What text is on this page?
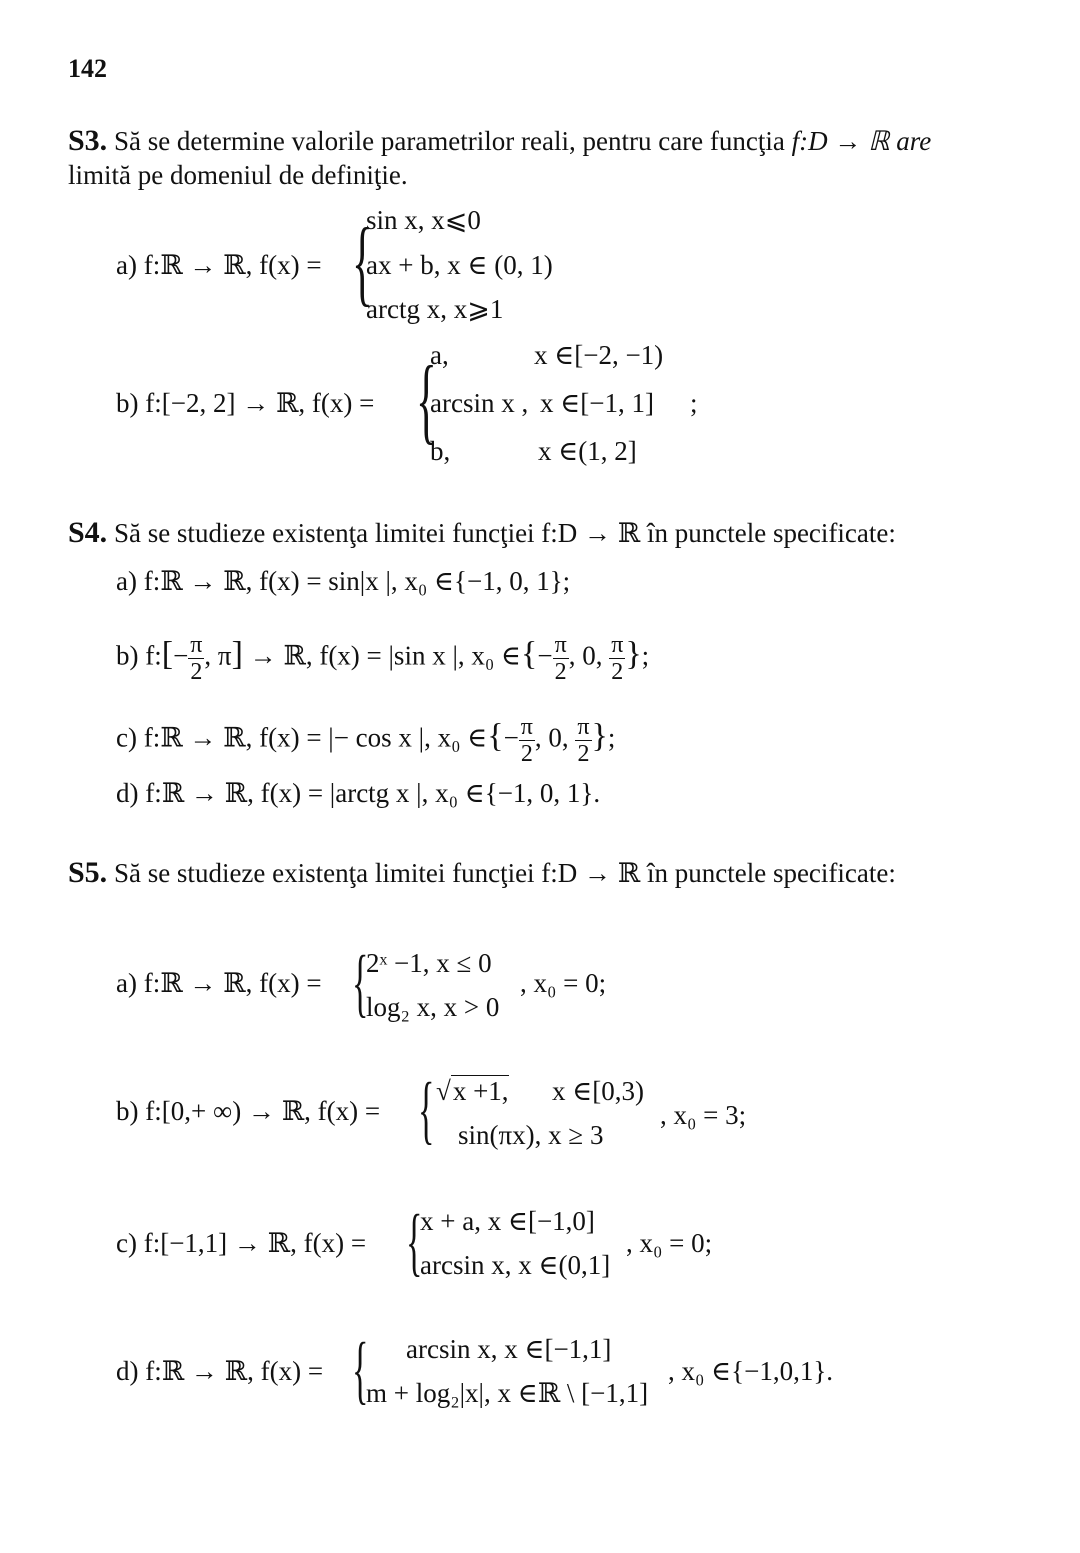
142
S3. Să se determine valorile parametrilor reali, pentru care funcţia f:D → ℝ are
limită pe domeniul de definiţie.
a) f:ℝ → ℝ, f(x) = {
sin x, x⩽0
ax + b, x ∈ (0, 1)
arctg x, x⩾1
b) f:[−2, 2] → ℝ, f(x) = {
a,	x ∈[−2, −1)
arcsin x , x ∈[−1, 1] ;
b,	x ∈(1, 2]
S4. Să se studieze existenţa limitei funcţiei f:D → ℝ în punctele specificate:
a) f:ℝ → ℝ, f(x) = sin|x |, x₀ ∈{−1, 0, 1};
b) f:[− $\frac{\pi}{2}$ , π] → ℝ, f(x) = |sin x |, x₀ ∈{− $\frac{\pi}{2}$ , 0, $\frac{\pi}{2}$ };
c) f:ℝ → ℝ, f(x) = |− cos x |, x₀ ∈{− $\frac{\pi}{2}$ , 0, $\frac{\pi}{2}$ };
d) f:ℝ → ℝ, f(x) = |arctg x |, x₀ ∈{−1, 0, 1}.
S5. Să se studieze existenţa limitei funcţiei f:D → ℝ în punctele specificate:
a) f:ℝ → ℝ, f(x) = {
2ˣ −1, x ≤ 0
log₂ x, x > 0
, x₀ = 0;
b) f:[0,+ ∞) → ℝ, f(x) = { √x +1, x ∈[0,3)
sin(πx), x ≥ 3
, x₀ = 3;
c) f:[−1,1] → ℝ, f(x) = {
x + a, x ∈[−1,0]
arcsin x, x ∈(0,1]
, x₀ = 0;
d) f:ℝ → ℝ, f(x) = { arcsin x, x ∈[−1,1]
m + log₂|x|, x ∈ℝ \ [−1,1]
, x₀ ∈{−1,0,1}.
